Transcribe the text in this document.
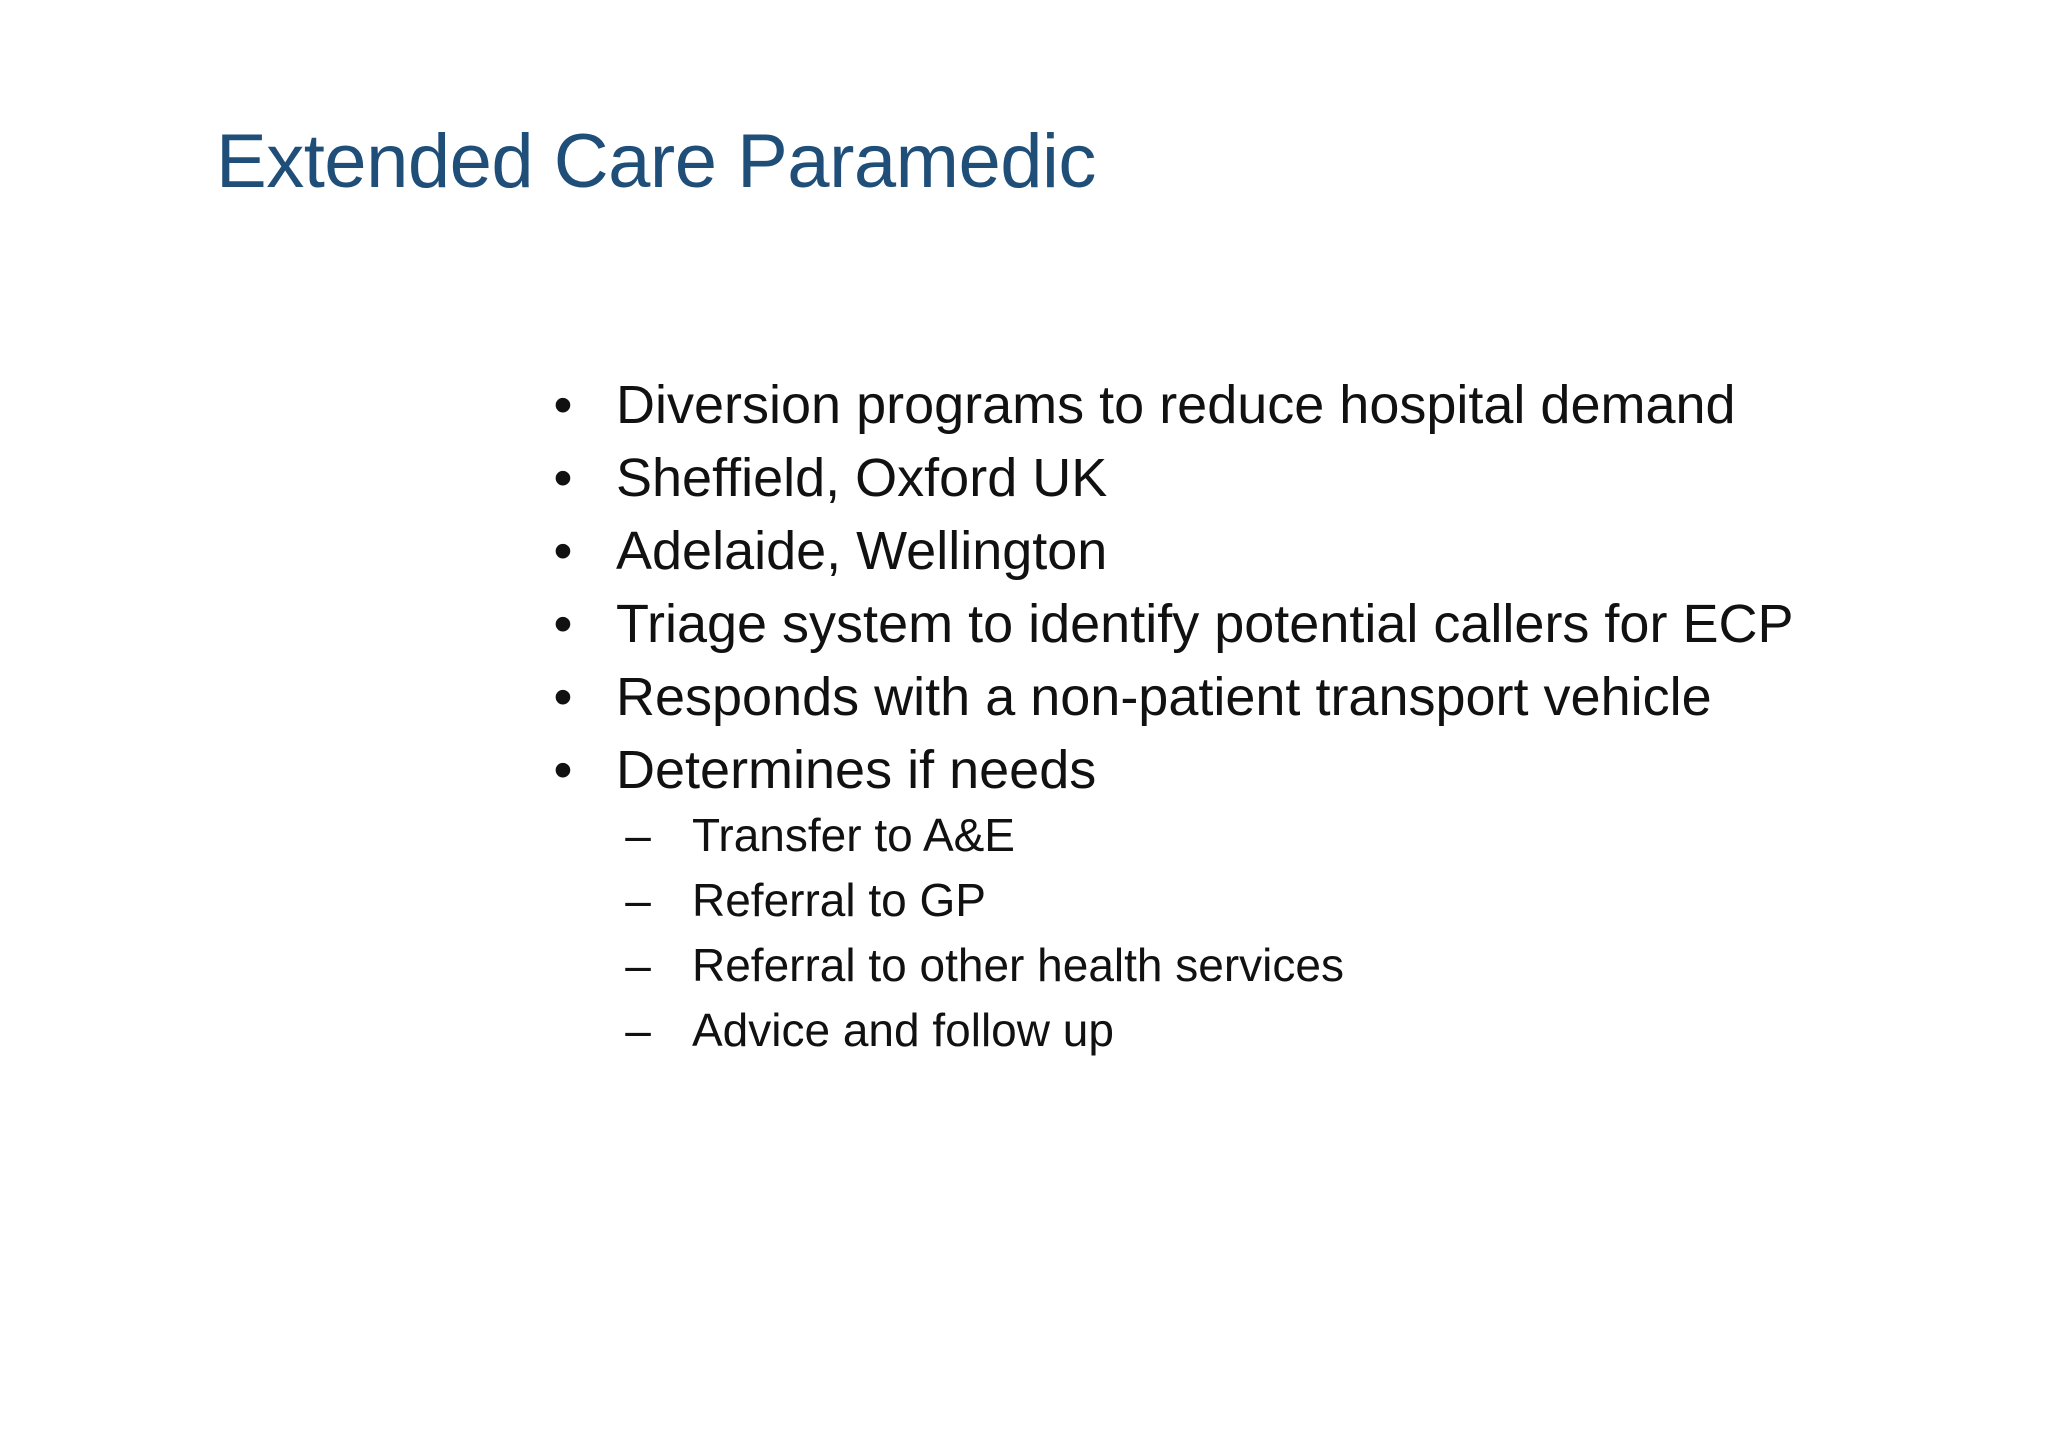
Extended Care Paramedic
• Diversion programs to reduce hospital demand
• Sheffield, Oxford UK
• Adelaide, Wellington
• Triage system to identify potential callers for ECP
• Responds with a non-patient transport vehicle
• Determines if needs
– Transfer to A&E
– Referral to GP
– Referral to other health services
– Advice and follow up
